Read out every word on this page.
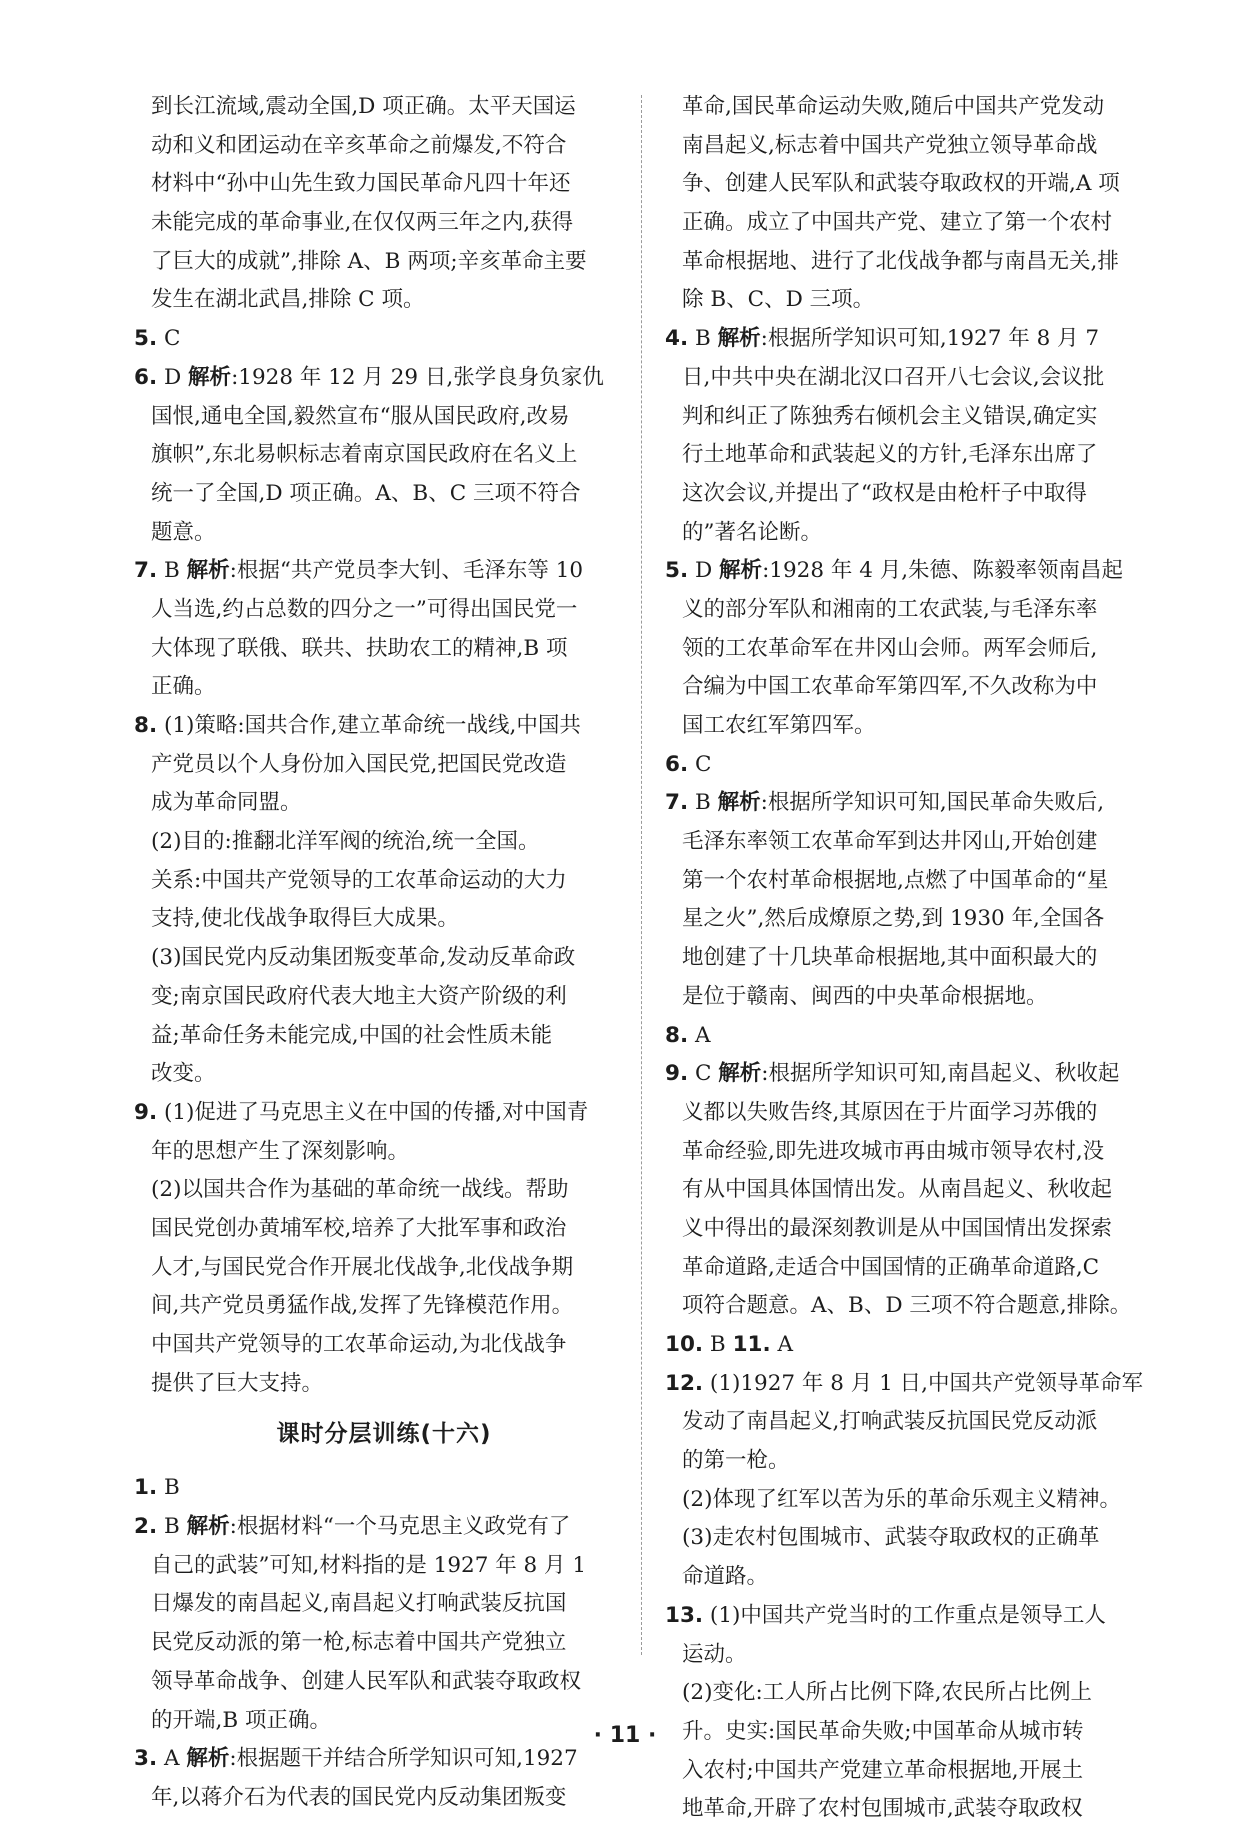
到长江流域,震动全国,D 项正确。太平天国运
动和义和团运动在辛亥革命之前爆发,不符合
材料中“孙中山先生致力国民革命凡四十年还
未能完成的革命事业,在仅仅两三年之内,获得
了巨大的成就”,排除 A、B 两项;辛亥革命主要
发生在湖北武昌,排除 C 项。
5. C
6. D 解析:1928 年 12 月 29 日,张学良身负家仇
国恨,通电全国,毅然宣布“服从国民政府,改易
旗帜”,东北易帜标志着南京国民政府在名义上
统一了全国,D 项正确。A、B、C 三项不符合
题意。
7. B 解析:根据“共产党员李大钊、毛泽东等 10
人当选,约占总数的四分之一”可得出国民党一
大体现了联俄、联共、扶助农工的精神,B 项
正确。
8. (1)策略:国共合作,建立革命统一战线,中国共
产党员以个人身份加入国民党,把国民党改造
成为革命同盟。
(2)目的:推翻北洋军阀的统治,统一全国。
关系:中国共产党领导的工农革命运动的大力
支持,使北伐战争取得巨大成果。
(3)国民党内反动集团叛变革命,发动反革命政
变;南京国民政府代表大地主大资产阶级的利
益;革命任务未能完成,中国的社会性质未能
改变。
9. (1)促进了马克思主义在中国的传播,对中国青
年的思想产生了深刻影响。
(2)以国共合作为基础的革命统一战线。帮助
国民党创办黄埔军校,培养了大批军事和政治
人才,与国民党合作开展北伐战争,北伐战争期
间,共产党员勇猛作战,发挥了先锋模范作用。
中国共产党领导的工农革命运动,为北伐战争
提供了巨大支持。
课时分层训练(十六)
1. B
2. B 解析:根据材料“一个马克思主义政党有了
自己的武装”可知,材料指的是 1927 年 8 月 1
日爆发的南昌起义,南昌起义打响武装反抗国
民党反动派的第一枪,标志着中国共产党独立
领导革命战争、创建人民军队和武装夺取政权
的开端,B 项正确。
3. A 解析:根据题干并结合所学知识可知,1927
年,以蒋介石为代表的国民党内反动集团叛变
革命,国民革命运动失败,随后中国共产党发动
南昌起义,标志着中国共产党独立领导革命战
争、创建人民军队和武装夺取政权的开端,A 项
正确。成立了中国共产党、建立了第一个农村
革命根据地、进行了北伐战争都与南昌无关,排
除 B、C、D 三项。
4. B 解析:根据所学知识可知,1927 年 8 月 7
日,中共中央在湖北汉口召开八七会议,会议批
判和纠正了陈独秀右倾机会主义错误,确定实
行土地革命和武装起义的方针,毛泽东出席了
这次会议,并提出了“政权是由枪杆子中取得
的”著名论断。
5. D 解析:1928 年 4 月,朱德、陈毅率领南昌起
义的部分军队和湘南的工农武装,与毛泽东率
领的工农革命军在井冈山会师。两军会师后,
合编为中国工农革命军第四军,不久改称为中
国工农红军第四军。
6. C
7. B 解析:根据所学知识可知,国民革命失败后,
毛泽东率领工农革命军到达井冈山,开始创建
第一个农村革命根据地,点燃了中国革命的“星
星之火”,然后成燎原之势,到 1930 年,全国各
地创建了十几块革命根据地,其中面积最大的
是位于赣南、闽西的中央革命根据地。
8. A
9. C 解析:根据所学知识可知,南昌起义、秋收起
义都以失败告终,其原因在于片面学习苏俄的
革命经验,即先进攻城市再由城市领导农村,没
有从中国具体国情出发。从南昌起义、秋收起
义中得出的最深刻教训是从中国国情出发探索
革命道路,走适合中国国情的正确革命道路,C
项符合题意。A、B、D 三项不符合题意,排除。
10. B 11. A
12. (1)1927 年 8 月 1 日,中国共产党领导革命军
发动了南昌起义,打响武装反抗国民党反动派
的第一枪。
(2)体现了红军以苦为乐的革命乐观主义精神。
(3)走农村包围城市、武装夺取政权的正确革
命道路。
13. (1)中国共产党当时的工作重点是领导工人
运动。
(2)变化:工人所占比例下降,农民所占比例上
升。史实:国民革命失败;中国革命从城市转
入农村;中国共产党建立革命根据地,开展土
地革命,开辟了农村包围城市,武装夺取政权
· 11 ·
